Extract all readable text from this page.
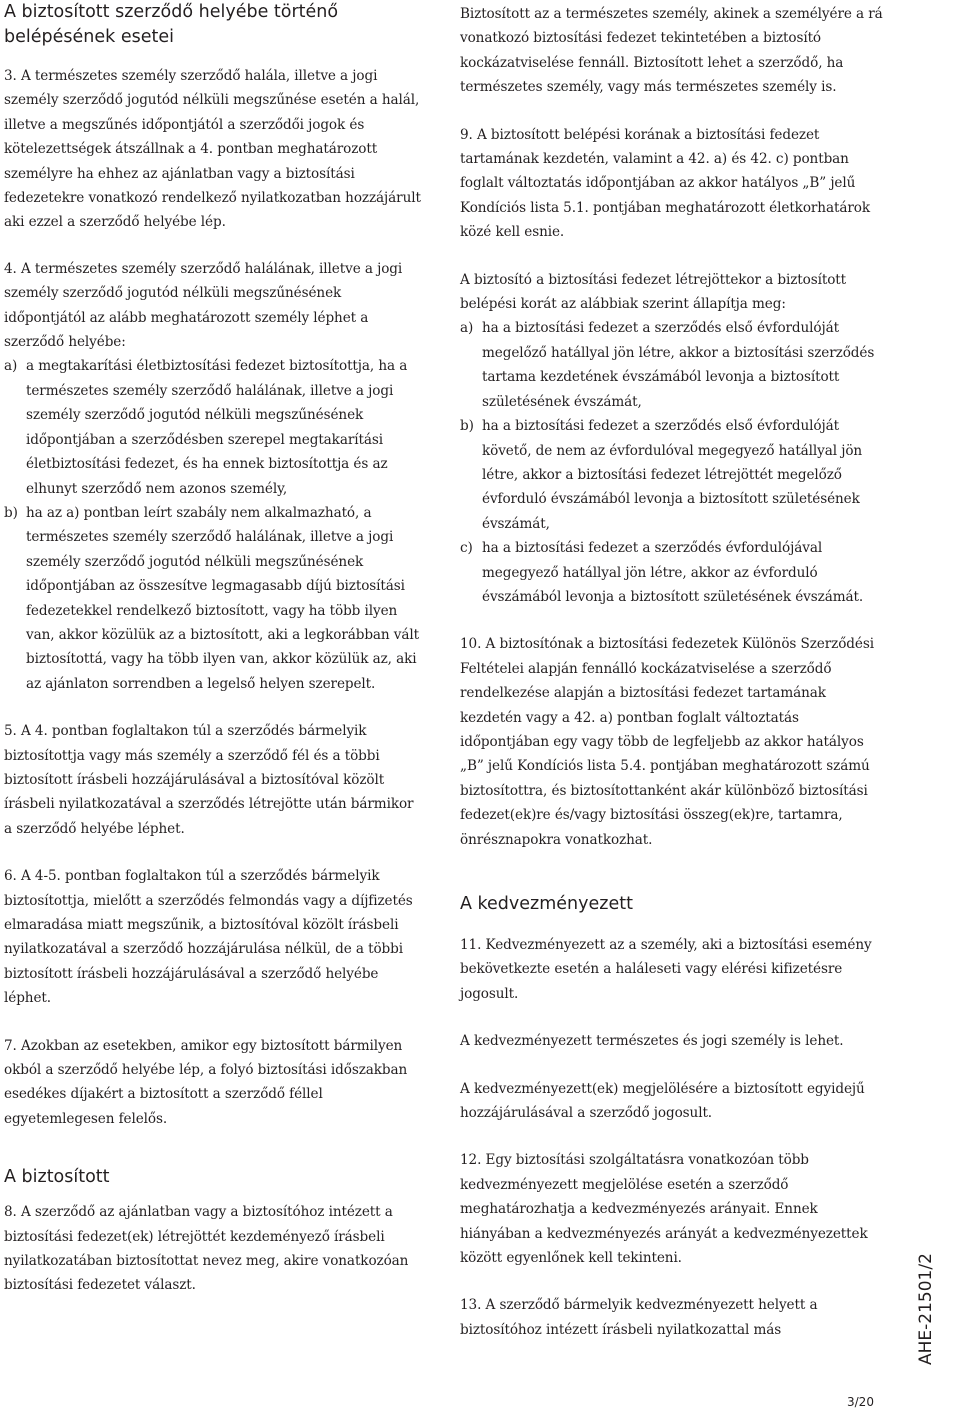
A biztosított szerződő helyébe történő belépésének esetei

3. A természetes személy szerződő halála, illetve a jogi személy szerződő jogutód nélküli megszűnése esetén a halál, illetve a megszűnés időpontjától a szerződői jogok és kötelezettségek átszállnak a 4. pontban meghatározott személyre ha ehhez az ajánlatban vagy a biztosítási fedezetekre vonatkozó rendelkező nyilatkozatban hozzájárult aki ezzel a szerződő helyébe lép.

4. A természetes személy szerződő halálának, illetve a jogi személy szerződő jogutód nélküli megszűnésének időpontjától az alább meghatározott személy léphet a szerződő helyébe:

a) a megtakarítási életbiztosítási fedezet biztosítottja, ha a természetes személy szerződő halálának, illetve a jogi személy szerződő jogutód nélküli megszűnésének időpontjában a szerződésben szerepel megtakarítási életbiztosítási fedezet, és ha ennek biztosítottja és az elhunyt szerződő nem azonos személy,
b) ha az a) pontban leírt szabály nem alkalmazható, a természetes személy szerződő halálának, illetve a jogi személy szerződő jogutód nélküli megszűnésének időpontjában az összesítve legmagasabb díjú biztosítási fedezetekkel rendelkező biztosított, vagy ha több ilyen van, akkor közülük az a biztosított, aki a legkorábban vált biztosítottá, vagy ha több ilyen van, akkor közülük az, aki az ajánlaton sorrendben a legelső helyen szerepelt.

5. A 4. pontban foglaltakon túl a szerződés bármelyik biztosítottja vagy más személy a szerződő fél és a többi biztosított írásbeli hozzájárulásával a biztosítóval közölt írásbeli nyilatkozatával a szerződés létrejötte után bármikor a szerződő helyébe léphet.

6. A 4-5. pontban foglaltakon túl a szerződés bármelyik biztosítottja, mielőtt a szerződés felmondás vagy a díjfizetés elmaradása miatt megszűnik, a biztosítóval közölt írásbeli nyilatkozatával a szerződő hozzájárulása nélkül, de a többi biztosított írásbeli hozzájárulásával a szerződő helyébe léphet.

7. Azokban az esetekben, amikor egy biztosított bármilyen okból a szerződő helyébe lép, a folyó biztosítási időszakban esedékes díjakért a biztosított a szerződő féllel egyetemlegesen felelős.

A biztosított

8. A szerződő az ajánlatban vagy a biztosítóhoz intézett a biztosítási fedezet(ek) létrejöttét kezdeményező írásbeli nyilatkozatában biztosítottat nevez meg, akire vonatkozóan biztosítási fedezetet választ.

Biztosított az a természetes személy, akinek a személyére a rá vonatkozó biztosítási fedezet tekintetében a biztosító kockázatviselése fennáll. Biztosított lehet a szerződő, ha természetes személy, vagy más természetes személy is.

9. A biztosított belépési korának a biztosítási fedezet tartamának kezdetén, valamint a 42. a) és 42. c) pontban foglalt változtatás időpontjában az akkor hatályos „B” jelű Kondíciós lista 5.1. pontjában meghatározott életkorhatárok közé kell esnie.

A biztosító a biztosítási fedezet létrejöttekor a biztosított belépési korát az alábbiak szerint állapítja meg:

a) ha a biztosítási fedezet a szerződés első évfordulóját megelőző hatállyal jön létre, akkor a biztosítási szerződés tartama kezdetének évszámából levonja a biztosított születésének évszámát,
b) ha a biztosítási fedezet a szerződés első évfordulóját követő, de nem az évfordulóval megegyező hatállyal jön létre, akkor a biztosítási fedezet létrejöttét megelőző évforduló évszámából levonja a biztosított születésének évszámát,
c) ha a biztosítási fedezet a szerződés évfordulójával megegyező hatállyal jön létre, akkor az évforduló évszámából levonja a biztosított születésének évszámát.

10. A biztosítónak a biztosítási fedezetek Különös Szerződési Feltételei alapján fennálló kockázatviselése a szerződő rendelkezése alapján a biztosítási fedezet tartamának kezdetén vagy a 42. a) pontban foglalt változtatás időpontjában egy vagy több de legfeljebb az akkor hatályos „B” jelű Kondíciós lista 5.4. pontjában meghatározott számú biztosítottra, és biztosítottanként akár különböző biztosítási fedezet(ek)re és/vagy biztosítási összeg(ek)re, tartamra, önrésznapokra vonatkozhat.

A kedvezményezett

11. Kedvezményezett az a személy, aki a biztosítási esemény bekövetkezte esetén a haláleseti vagy elérési kifizetésre jogosult.

A kedvezményezett természetes és jogi személy is lehet.

A kedvezményezett(ek) megjelölésére a biztosított egyidejű hozzájárulásával a szerződő jogosult.

12. Egy biztosítási szolgáltatásra vonatkozóan több kedvezményezett megjelölése esetén a szerződő meghatározhatja a kedvezményezés arányait. Ennek hiányában a kedvezményezés arányát a kedvezményezettek között egyenlőnek kell tekinteni.

13. A szerződő bármelyik kedvezményezett helyett a biztosítóhoz intézett írásbeli nyilatkozattal más	AHE-21501/2
3/20
